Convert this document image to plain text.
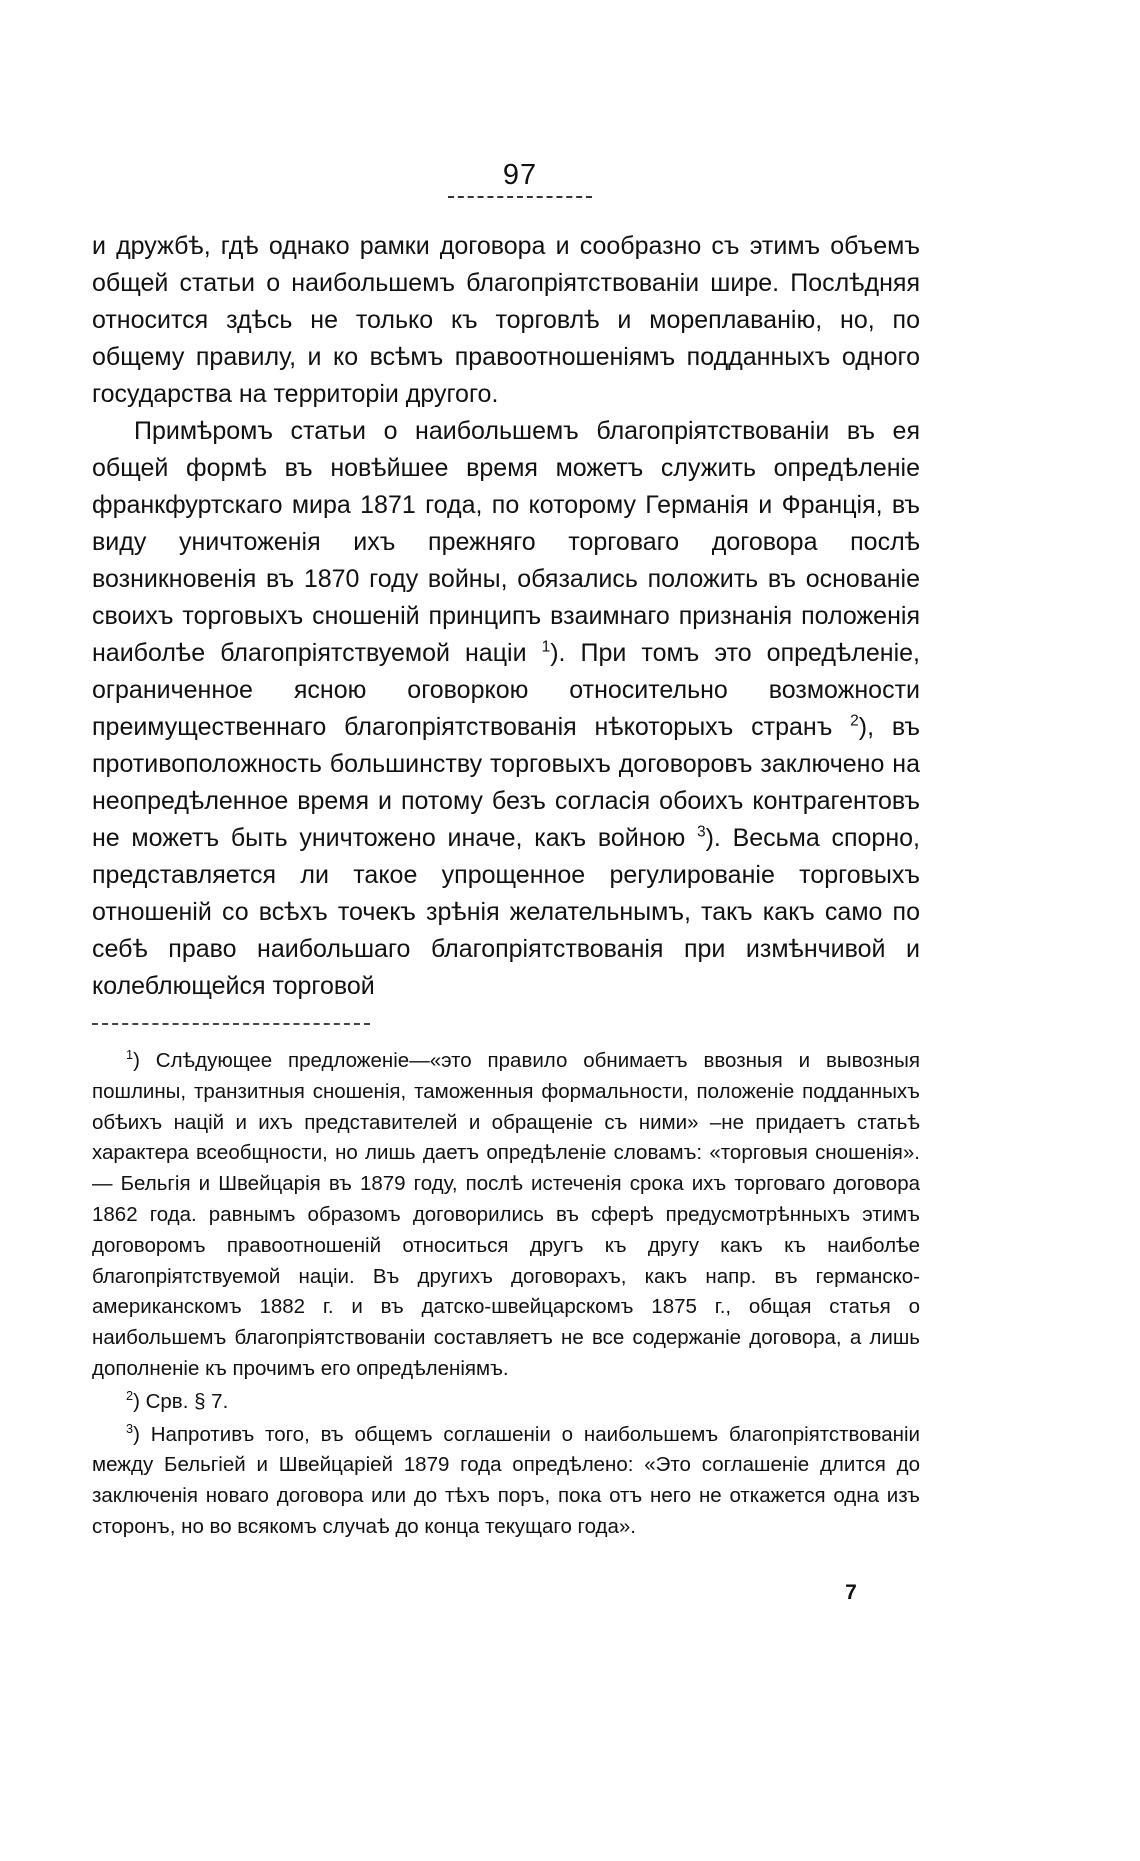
97

и дружбѣ, гдѣ однако рамки договора и сообразно съ этимъ объемъ общей статьи о наибольшемъ благопріятствованіи шире. Послѣдняя относится здѣсь не только къ торговлѣ и мореплаванію, но, по общему правилу, и ко всѣмъ правоотношеніямъ подданныхъ одного государства на территоріи другого.

Примѣромъ статьи о наибольшемъ благопріятствованіи въ ея общей формѣ въ новѣйшее время можетъ служить опредѣленіе франкфуртскаго мира 1871 года, по которому Германія и Франція, въ виду уничтоженія ихъ прежняго торговаго договора послѣ возникновенія въ 1870 году войны, обязались положить въ основаніе своихъ торговыхъ сношеній принципъ взаимнаго признанія положенія наиболѣе благопріятствуемой націи $^1$). При томъ это опредѣленіе, ограниченное ясною оговоркою относительно возможности преимущественнаго благопріятствованія нѣкоторыхъ странъ $^2$), въ противоположность большинству торговыхъ договоровъ заключено на неопредѣленное время и потому безъ согласія обоихъ контрагентовъ не можетъ быть уничтожено иначе, какъ войною $^3$). Весьма спорно, представляется ли такое упрощенное регулированіе торговыхъ отношеній со всѣхъ точекъ зрѣнія желательнымъ, такъ какъ само по себѣ право наибольшаго благопріятствованія при измѣнчивой и колеблющейся торговой

$^1$) Слѣдующее предложеніе—«это правило обнимаетъ ввозныя и вывозныя пошлины, транзитныя сношенія, таможенныя формальности, положеніе подданныхъ обѣихъ націй и ихъ представителей и обращеніе съ ними» –не придаетъ статьѣ характера всеобщности, но лишь даетъ опредѣленіе словамъ: «торговыя сношенія». — Бельгія и Швейцарія въ 1879 году, послѣ истеченія срока ихъ торговаго договора 1862 года. равнымъ образомъ договорились въ сферѣ предусмотрѣнныхъ этимъ договоромъ правоотношеній относиться другъ къ другу какъ къ наиболѣе благопріятствуемой націи. Въ другихъ договорахъ, какъ напр. въ германско-американскомъ 1882 г. и въ датско-швейцарскомъ 1875 г., общая статья о наибольшемъ благопріятствованіи составляетъ не все содержаніе договора, а лишь дополненіе къ прочимъ его опредѣленіямъ.

$^2$) Срв. § 7.

$^3$) Напротивъ того, въ общемъ соглашеніи о наибольшемъ благопріятствованіи между Бельгіей и Швейцаріей 1879 года опредѣлено: «Это соглашеніе длится до заключенія новаго договора или до тѣхъ поръ, пока отъ него не откажется одна изъ сторонъ, но во всякомъ случаѣ до конца текущаго года».

7
